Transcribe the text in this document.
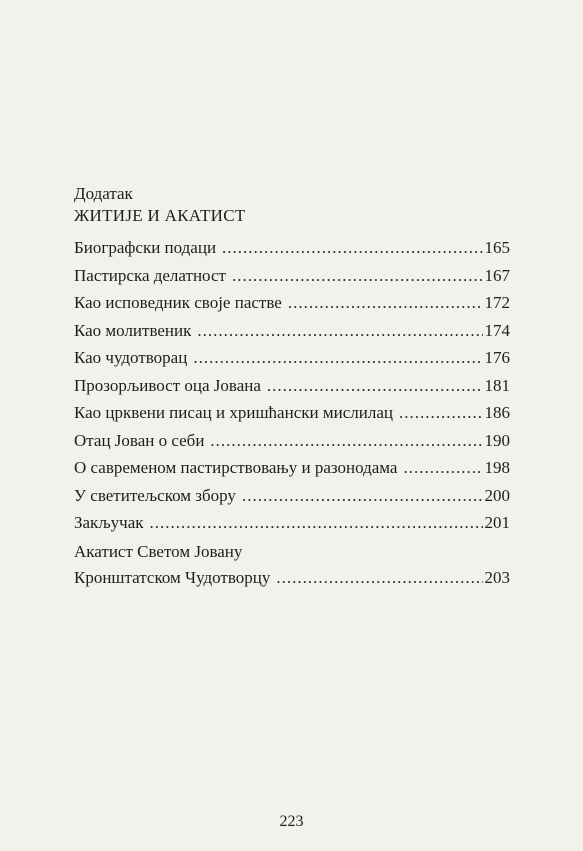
Додатак
ЖИТИЈЕ И АКАТИСТ
Биографски подаци .....	165
Пастирска делатност .....	167
Као исповедник своје пастве .....	172
Као молитвеник .....	174
Као чудотворац .....	176
Прозорљивост оца Јована .....	181
Као црквени писац и хришћански мислилац .....	186
Отац Јован о себи .....	190
О савременом пастирствовању и разонодама .....	198
У светитељском збору .....	200
Закључак .....	201
Акатист Светом Јовану
Кронштатском Чудотворцу .....	203
223
